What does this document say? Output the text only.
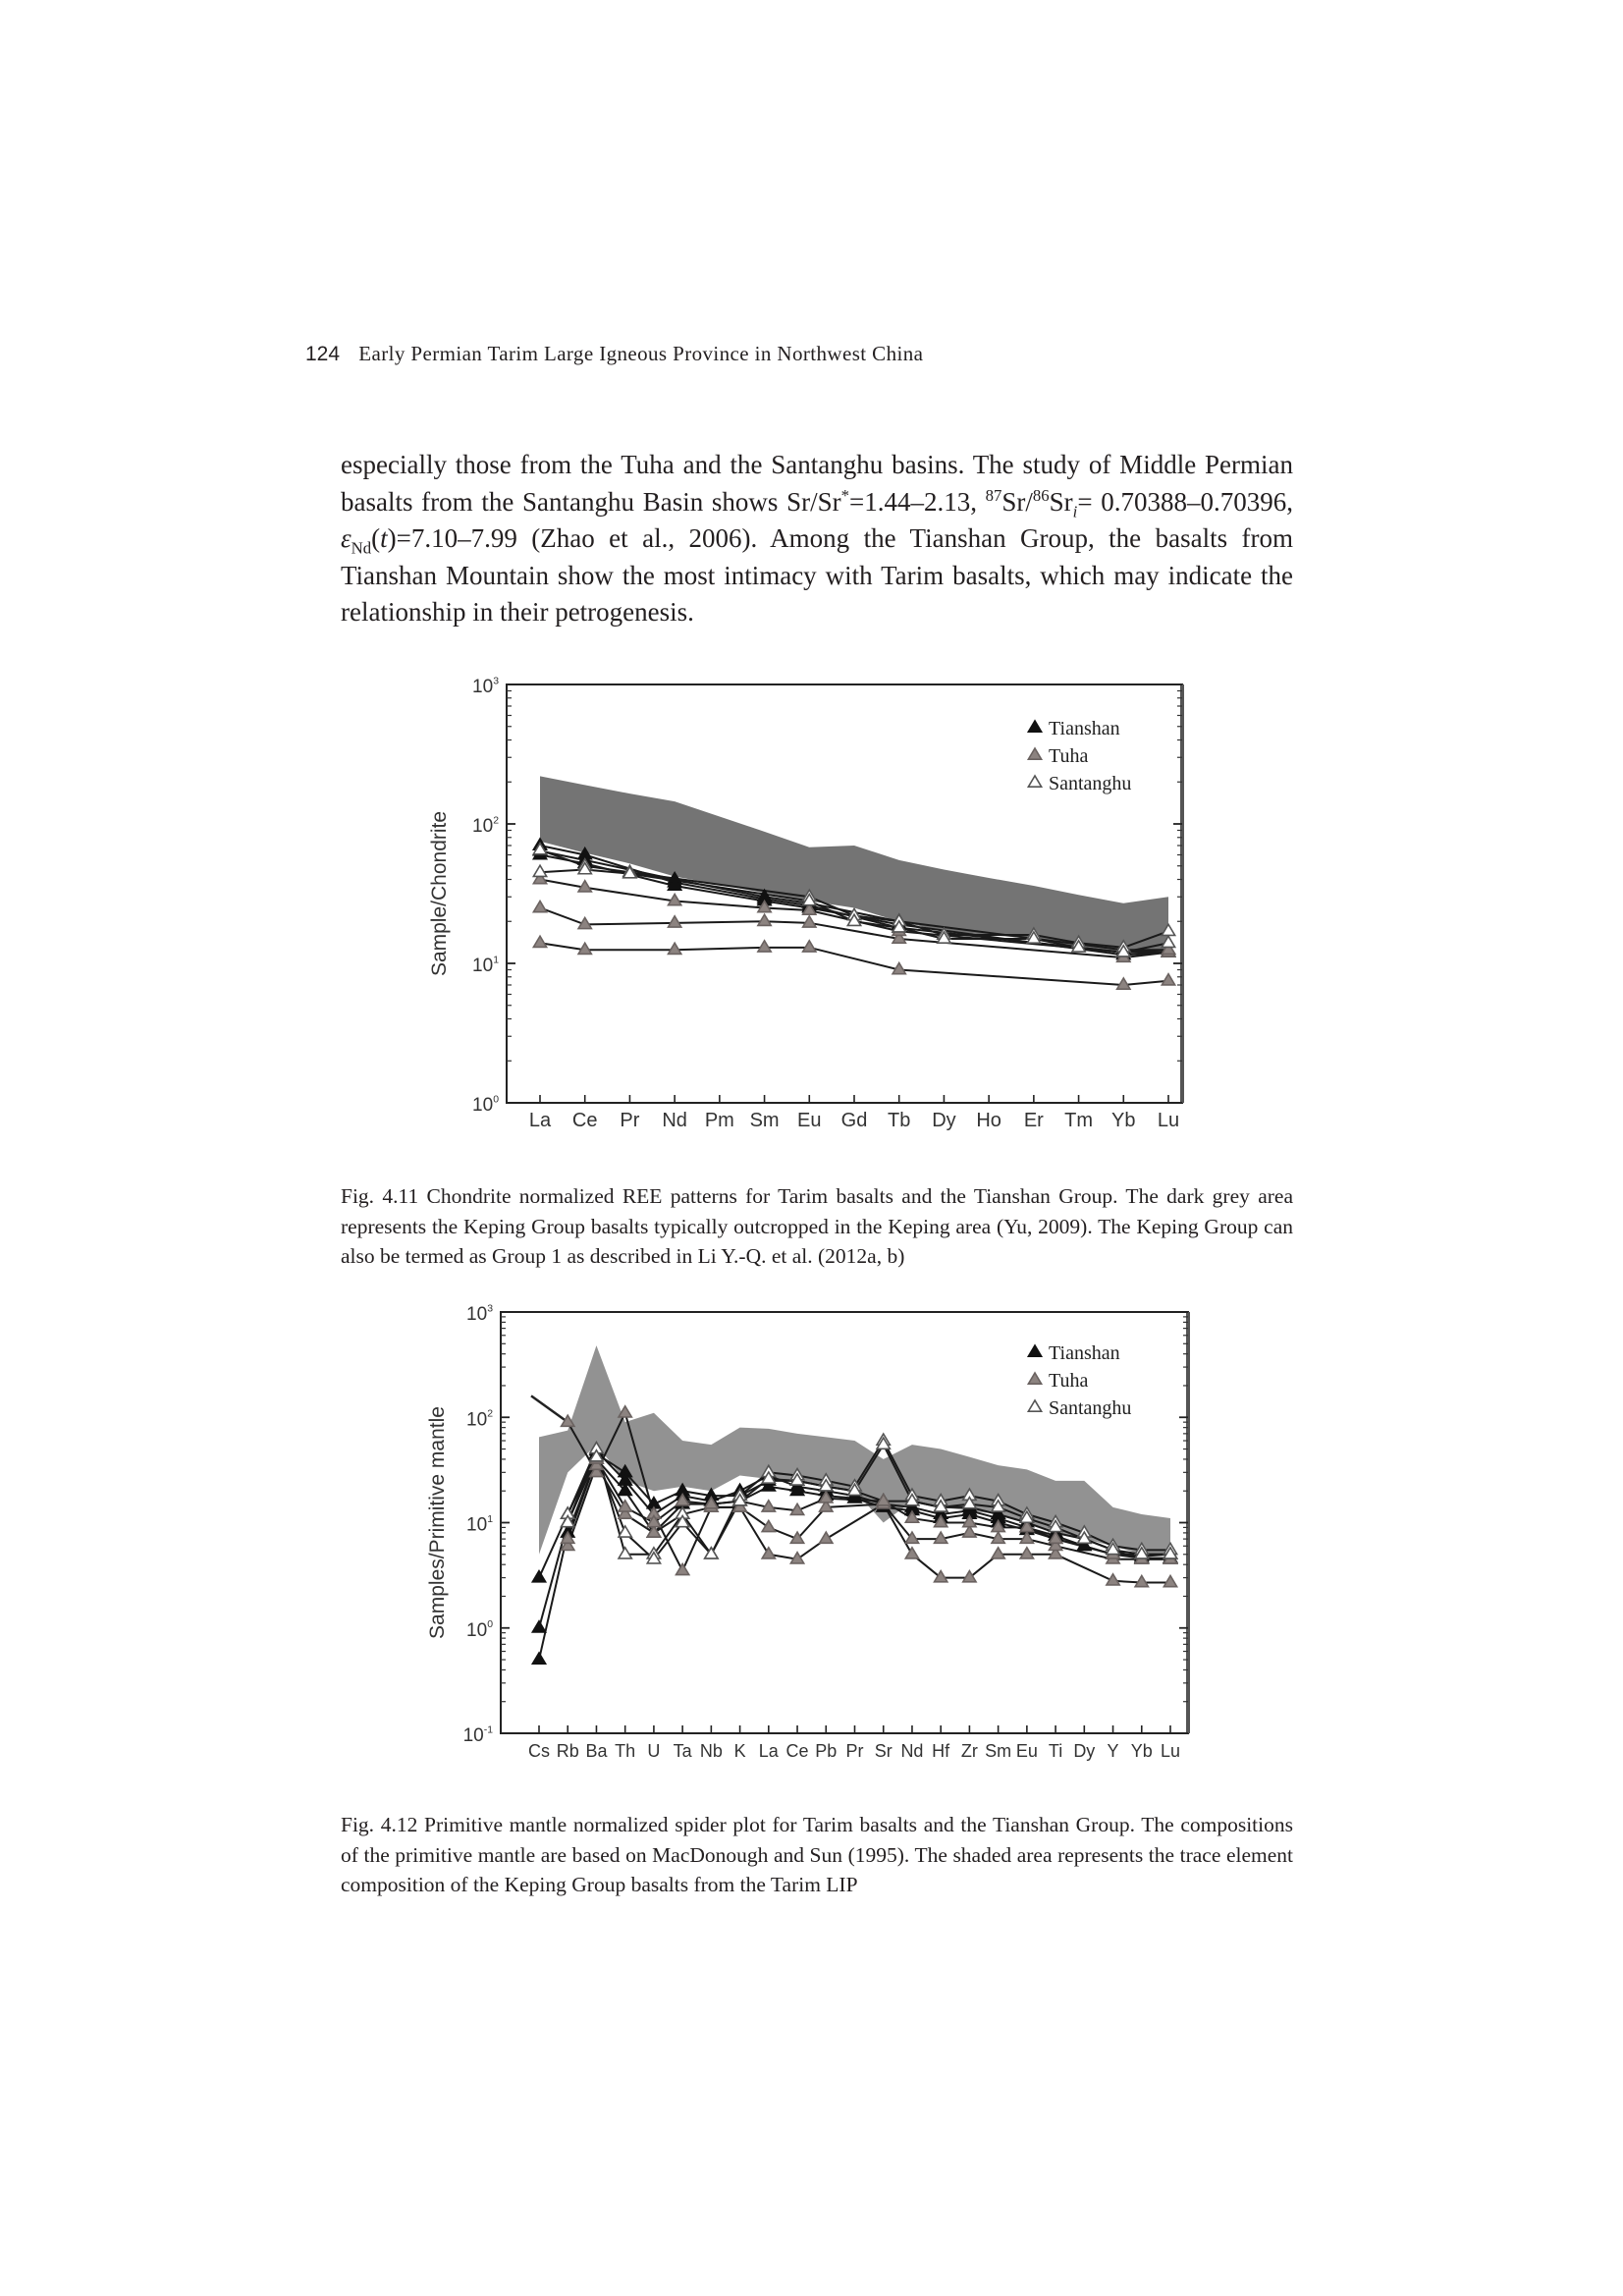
124 Early Permian Tarim Large Igneous Province in Northwest China

especially those from the Tuha and the Santanghu basins. The study of Middle Permian basalts from the Santanghu Basin shows Sr/Sr*=1.44–2.13, $^{87}Sr/^{86}Sr_i= 0.70388-0.70396$, $\varepsilon_{Nd}(t)=7.10-7.99$ (Zhao et al., 2006). Among the Tianshan Group, the basalts from Tianshan Mountain show the most intimacy with Tarim basalts, which may indicate the relationship in their petrogenesis.

$10^0$
$10^1$
$10^2$
$10^3$
Sample/Chondrite
La Ce Pr Nd Pm Sm Eu Gd Tb Dy Ho Er Tm Yb Lu
Tianshan
Tuha
Santanghu
Fig. 4.11 Chondrite normalized REE patterns for Tarim basalts and the Tianshan Group. The dark grey area represents the Keping Group basalts typically outcropped in the Keping area (Yu, 2009). The Keping Group can also be termed as Group 1 as described in Li Y.-Q. et al. (2012a, b)
$10^{-1}$
$10^0$
$10^1$
$10^2$
$10^3$
Samples/Primitive mantle
Cs Rb Ba Th U Ta Nb K La Ce Pb Pr Sr Nd Hf Zr Sm Eu Ti Dy Y Yb Lu
Tianshan
Tuha
Santanghu
Fig. 4.12 Primitive mantle normalized spider plot for Tarim basalts and the Tianshan Group. The compositions of the primitive mantle are based on MacDonough and Sun (1995). The shaded area represents the trace element composition of the Keping Group basalts from the Tarim LIP
